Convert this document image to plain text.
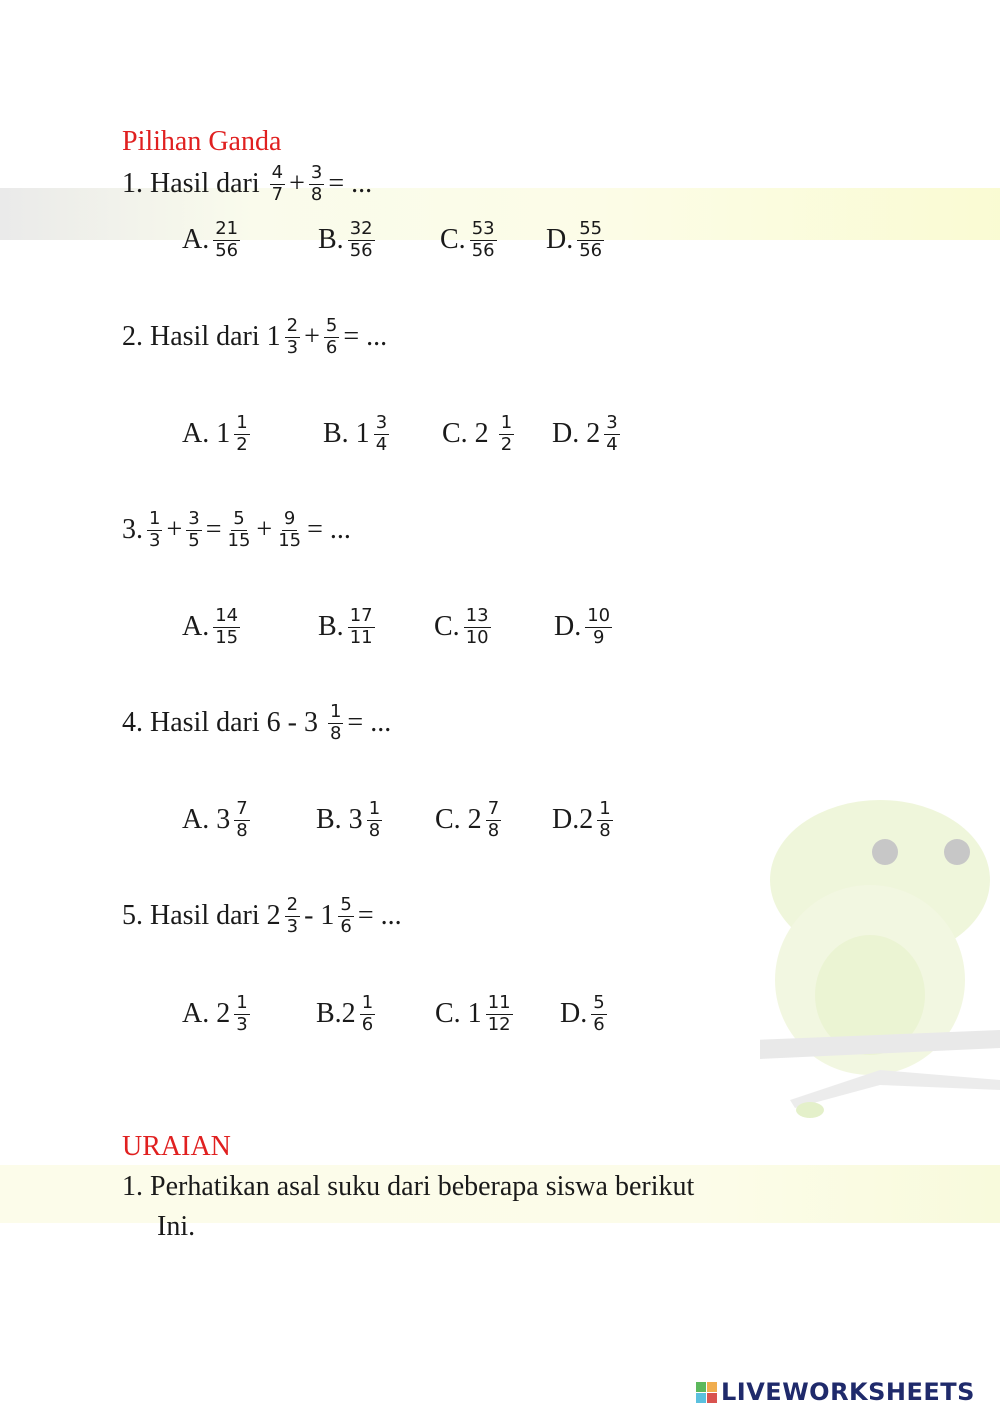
Pilihan Ganda
1. Hasil dari $\frac{4}{7} + \frac{3}{8}$ = ...
A. $\frac{21}{56}$	B. $\frac{32}{56} C$. $\frac{53}{56} D$. $\frac{55}{56}$
2. Hasil dari $1 \frac{2}{3} + \frac{5}{6}$ = ...
A. $1 \frac{1}{2}$	B. $1 \frac{3}{4} C$. $2 \frac{1}{2} D$. $2 \frac{3}{4}$
3. $\frac{1}{3} + \frac{3}{5} = \frac{5}{15} + \frac{9}{15}$ = ...
A. $\frac{14}{15}$	B. $\frac{17}{11} C$. $\frac{13}{10} D$. $\frac{10}{9}$
4. Hasil dari $6 - 3 \frac{1}{8}$ = ...
A. $3 \frac{7}{8} B$. $3 \frac{1}{8} C$. $2 \frac{7}{8} D.2 \frac{1}{8}$
5. Hasil dari $2 \frac{2}{3} - 1 \frac{5}{6}$ = ...
A. $2 \frac{1}{3} B.2 \frac{1}{6} C$. $1 \frac{11}{12} D$. $\frac{5}{6}$
URAIAN
1. Perhatikan asal suku dari beberapa siswa berikut
Ini.
LIVEWORKSHEETS
